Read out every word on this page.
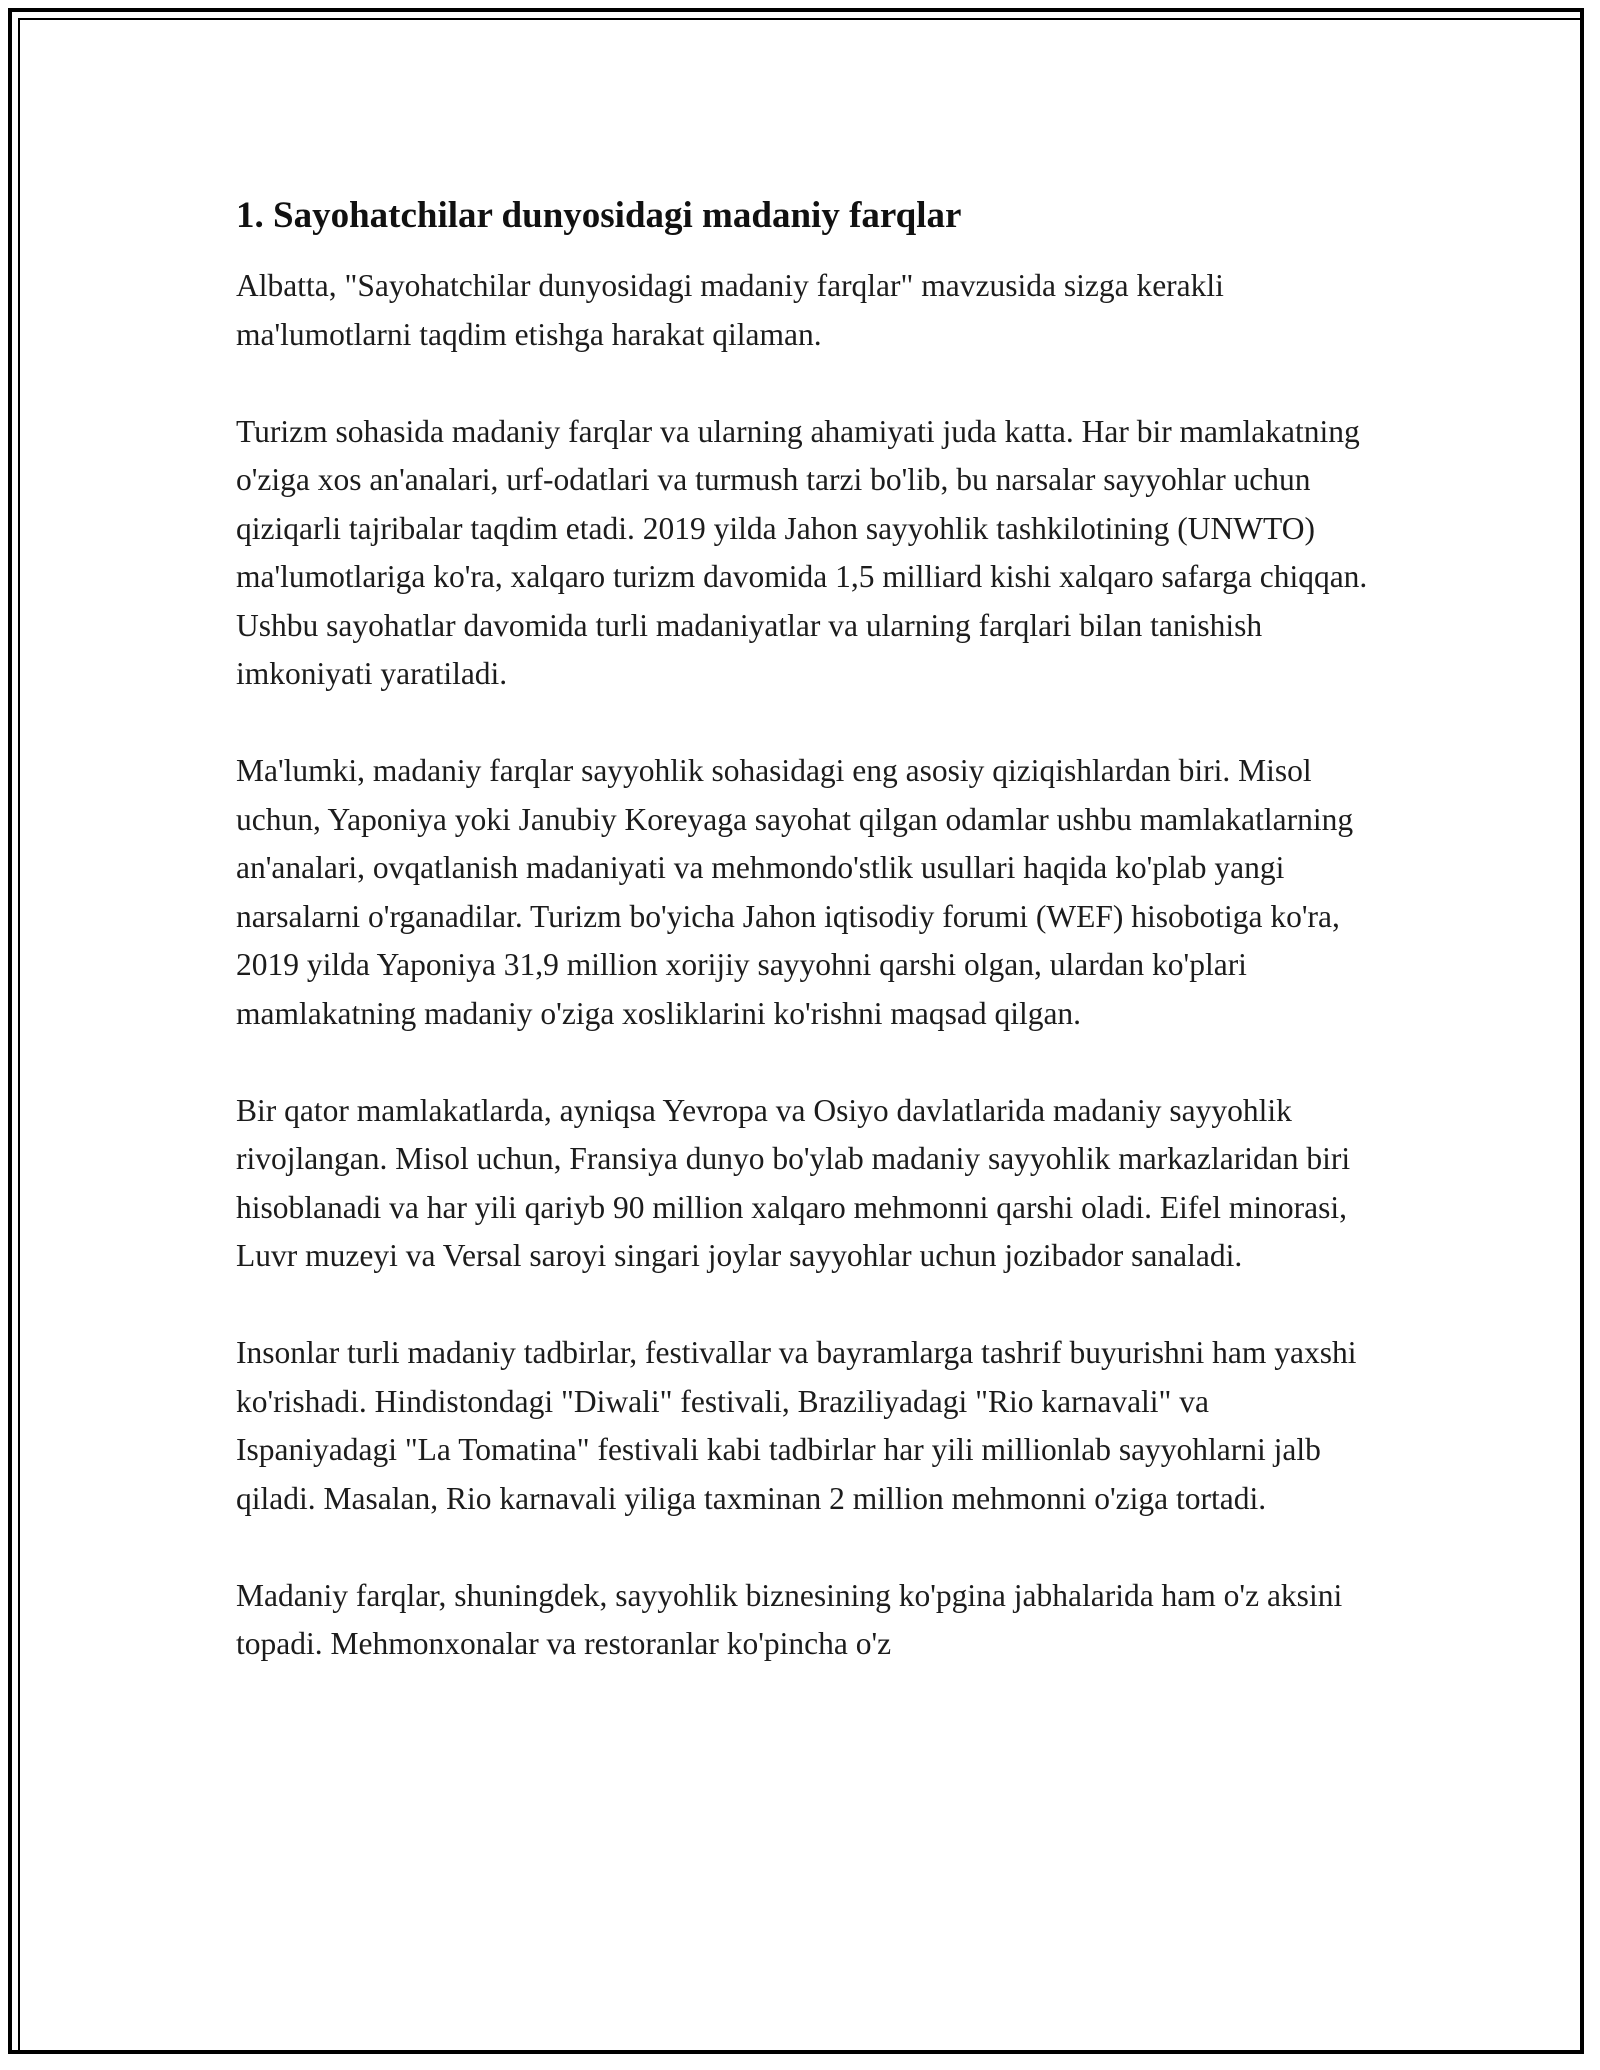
1. Sayohatchilar dunyosidagi madaniy farqlar

Albatta, "Sayohatchilar dunyosidagi madaniy farqlar" mavzusida sizga kerakli ma'lumotlarni taqdim etishga harakat qilaman.

Turizm sohasida madaniy farqlar va ularning ahamiyati juda katta. Har bir mamlakatning o'ziga xos an'analari, urf-odatlari va turmush tarzi bo'lib, bu narsalar sayyohlar uchun qiziqarli tajribalar taqdim etadi. 2019 yilda Jahon sayyohlik tashkilotining (UNWTO) ma'lumotlariga ko'ra, xalqaro turizm davomida 1,5 milliard kishi xalqaro safarga chiqqan. Ushbu sayohatlar davomida turli madaniyatlar va ularning farqlari bilan tanishish imkoniyati yaratiladi.

Ma'lumki, madaniy farqlar sayyohlik sohasidagi eng asosiy qiziqishlardan biri. Misol uchun, Yaponiya yoki Janubiy Koreyaga sayohat qilgan odamlar ushbu mamlakatlarning an'analari, ovqatlanish madaniyati va mehmondo'stlik usullari haqida ko'plab yangi narsalarni o'rganadilar. Turizm bo'yicha Jahon iqtisodiy forumi (WEF) hisobotiga ko'ra, 2019 yilda Yaponiya 31,9 million xorijiy sayyohni qarshi olgan, ulardan ko'plari mamlakatning madaniy o'ziga xosliklarini ko'rishni maqsad qilgan.

Bir qator mamlakatlarda, ayniqsa Yevropa va Osiyo davlatlarida madaniy sayyohlik rivojlangan. Misol uchun, Fransiya dunyo bo'ylab madaniy sayyohlik markazlaridan biri hisoblanadi va har yili qariyb 90 million xalqaro mehmonni qarshi oladi. Eifel minorasi, Luvr muzeyi va Versal saroyi singari joylar sayyohlar uchun jozibador sanaladi.

Insonlar turli madaniy tadbirlar, festivallar va bayramlarga tashrif buyurishni ham yaxshi ko'rishadi. Hindistondagi "Diwali" festivali, Braziliyadagi "Rio karnavali" va Ispaniyadagi "La Tomatina" festivali kabi tadbirlar har yili millionlab sayyohlarni jalb qiladi. Masalan, Rio karnavali yiliga taxminan 2 million mehmonni o'ziga tortadi.

Madaniy farqlar, shuningdek, sayyohlik biznesining ko'pgina jabhalarida ham o'z aksini topadi. Mehmonxonalar va restoranlar ko'pincha o'z
